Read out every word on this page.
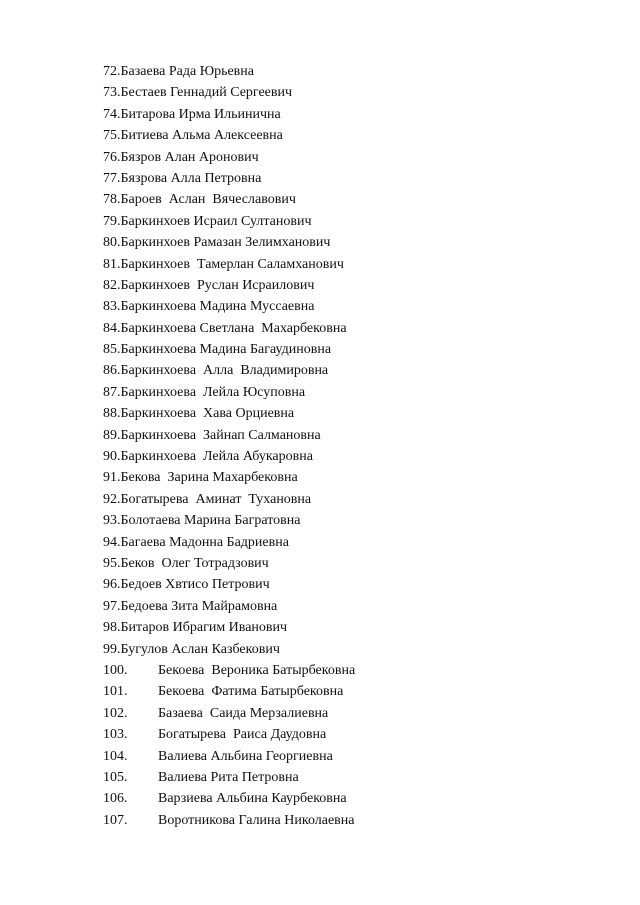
72. Базаева Рада Юрьевна
73. Бестаев Геннадий Сергеевич
74. Битарова Ирма Ильинична
75. Битиева Альма Алексеевна
76. Бязров Алан Аронович
77. Бязрова Алла Петровна
78. Бароев  Аслан  Вячеславович
79. Баркинхоев Исраил Султанович
80. Баркинхоев Рамазан Зелимханович
81. Баркинхоев  Тамерлан Саламханович
82. Баркинхоев  Руслан Исраилович
83. Баркинхоева Мадина Муссаевна
84. Баркинхоева Светлана  Махарбековна
85. Баркинхоева Мадина Багаудиновна
86. Баркинхоева  Алла  Владимировна
87. Баркинхоева  Лейла Юсуповна
88. Баркинхоева  Хава Орциевна
89. Баркинхоева  Зайнап Салмановна
90. Баркинхоева  Лейла Абукаровна
91. Бекова  Зарина Махарбековна
92. Богатырева  Аминат  Тухановна
93. Болотаева Марина Багратовна
94. Багаева Мадонна Бадриевна
95. Беков  Олег Тотрадзович
96. Бедоев Хвтисо Петрович
97. Бедоева Зита Майрамовна
98. Битаров Ибрагим Иванович
99. Бугулов Аслан Казбекович
100.	Бекоева  Вероника Батырбековна
101.	Бекоева  Фатима Батырбековна
102.	Базаева  Саида Мерзалиевна
103.	Богатырева  Раиса Даудовна
104.	Валиева Альбина Георгиевна
105.	Валиева Рита Петровна
106.	Варзиева Альбина Каурбековна
107.	Воротникова Галина Николаевна
